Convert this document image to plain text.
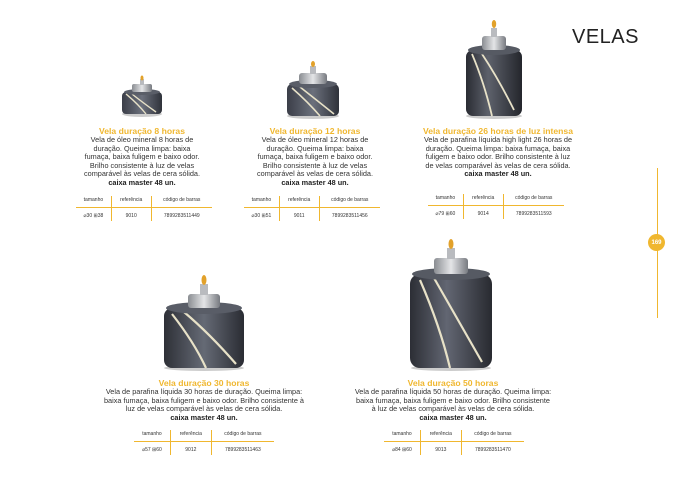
VELAS
169
Vela duração 8 horas
Vela de óleo mineral 8 horas de
duração. Queima limpa: baixa
fumaça, baixa fuligem e baixo odor.
Brilho consistente à luz de velas
comparável às velas de cera sólida.
caixa master 48 un.
tamanho	referência	código de barras
⌀30 ⊞38	9010	7899283511449
Vela duração 12 horas
Vela de óleo mineral 12 horas de
duração. Queima limpa: baixa
fumaça, baixa fuligem e baixo odor.
Brilho consistente à luz de velas
comparável às velas de cera sólida.
caixa master 48 un.
tamanho	referência	código de barras
⌀30 ⊞51	9011	7899283511456
Vela duração 26 horas de luz intensa
Vela de parafina líquida high light 26 horas de
duração. Queima limpa: baixa fumaça, baixa
fuligem e baixo odor. Brilho consistente à luz
de velas comparável às velas de cera sólida.
caixa master 48 un.
tamanho	referência	código de barras
⌀79 ⊞60	9014	7899283511593
Vela duração 30 horas
Vela de parafina líquida 30 horas de duração. Queima limpa:
baixa fumaça, baixa fuligem e baixo odor. Brilho consistente à
luz de velas comparável às velas de cera sólida.
caixa master 48 un.
tamanho	referência	código de barras
⌀57 ⊞60	9012	7899283511463
Vela duração 50 horas
Vela de parafina líquida 50 horas de duração. Queima limpa:
baixa fumaça, baixa fuligem e baixo odor. Brilho consistente
à luz de velas comparável às velas de cera sólida.
caixa master 48 un.
tamanho	referência	código de barras
⌀84 ⊞60	9013	7899283511470
